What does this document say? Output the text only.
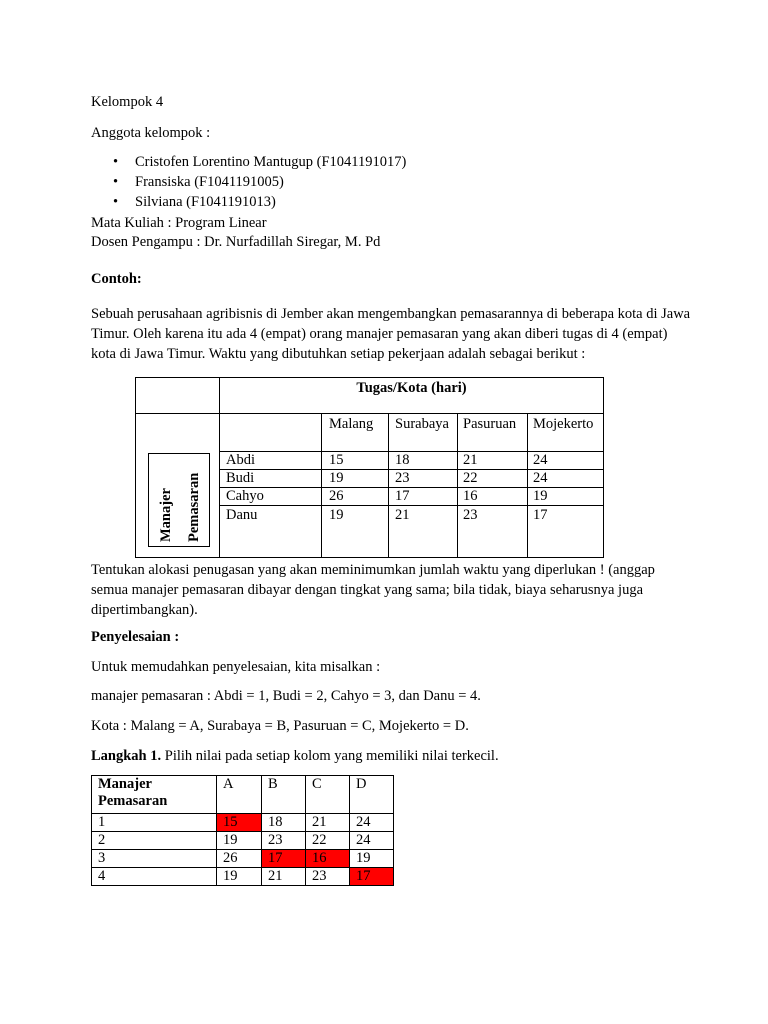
Kelompok 4
Anggota kelompok :
• Cristofen Lorentino Mantugup (F1041191017)
• Fransiska (F1041191005)
• Silviana (F1041191013)
Mata Kuliah : Program Linear
Dosen Pengampu : Dr. Nurfadillah Siregar, M. Pd
Contoh:
Sebuah perusahaan agribisnis di Jember akan mengembangkan pemasarannya di beberapa kota di Jawa Timur. Oleh karena itu ada 4 (empat) orang manajer pemasaran yang akan diberi tugas di 4 (empat) kota di Jawa Timur. Waktu yang dibutuhkan setiap pekerjaan adalah sebagai berikut :
Tugas/Kota (hari)
Malang Surabaya Pasuruan Mojekerto
Abdi	15	18	21	24
Budi	19	23	22	24
Cahyo	26	17	16	19
Danu	19	21	23	17
Manajer Pemasaran
Tentukan alokasi penugasan yang akan meminimumkan jumlah waktu yang diperlukan ! (anggap semua manajer pemasaran dibayar dengan tingkat yang sama; bila tidak, biaya seharusnya juga dipertimbangkan).
Penyelesaian :
Untuk memudahkan penyelesaian, kita misalkan :
manajer pemasaran : Abdi = 1, Budi = 2, Cahyo = 3, dan Danu = 4.
Kota : Malang = A, Surabaya = B, Pasuruan = C, Mojekerto = D.
Langkah 1. Pilih nilai pada setiap kolom yang memiliki nilai terkecil.
Manajer
Pemasaran	A	B	C	D
1	15	18	21	24
2	19	23	22	24
3	26	17	16	19
4	19	21	23	17
